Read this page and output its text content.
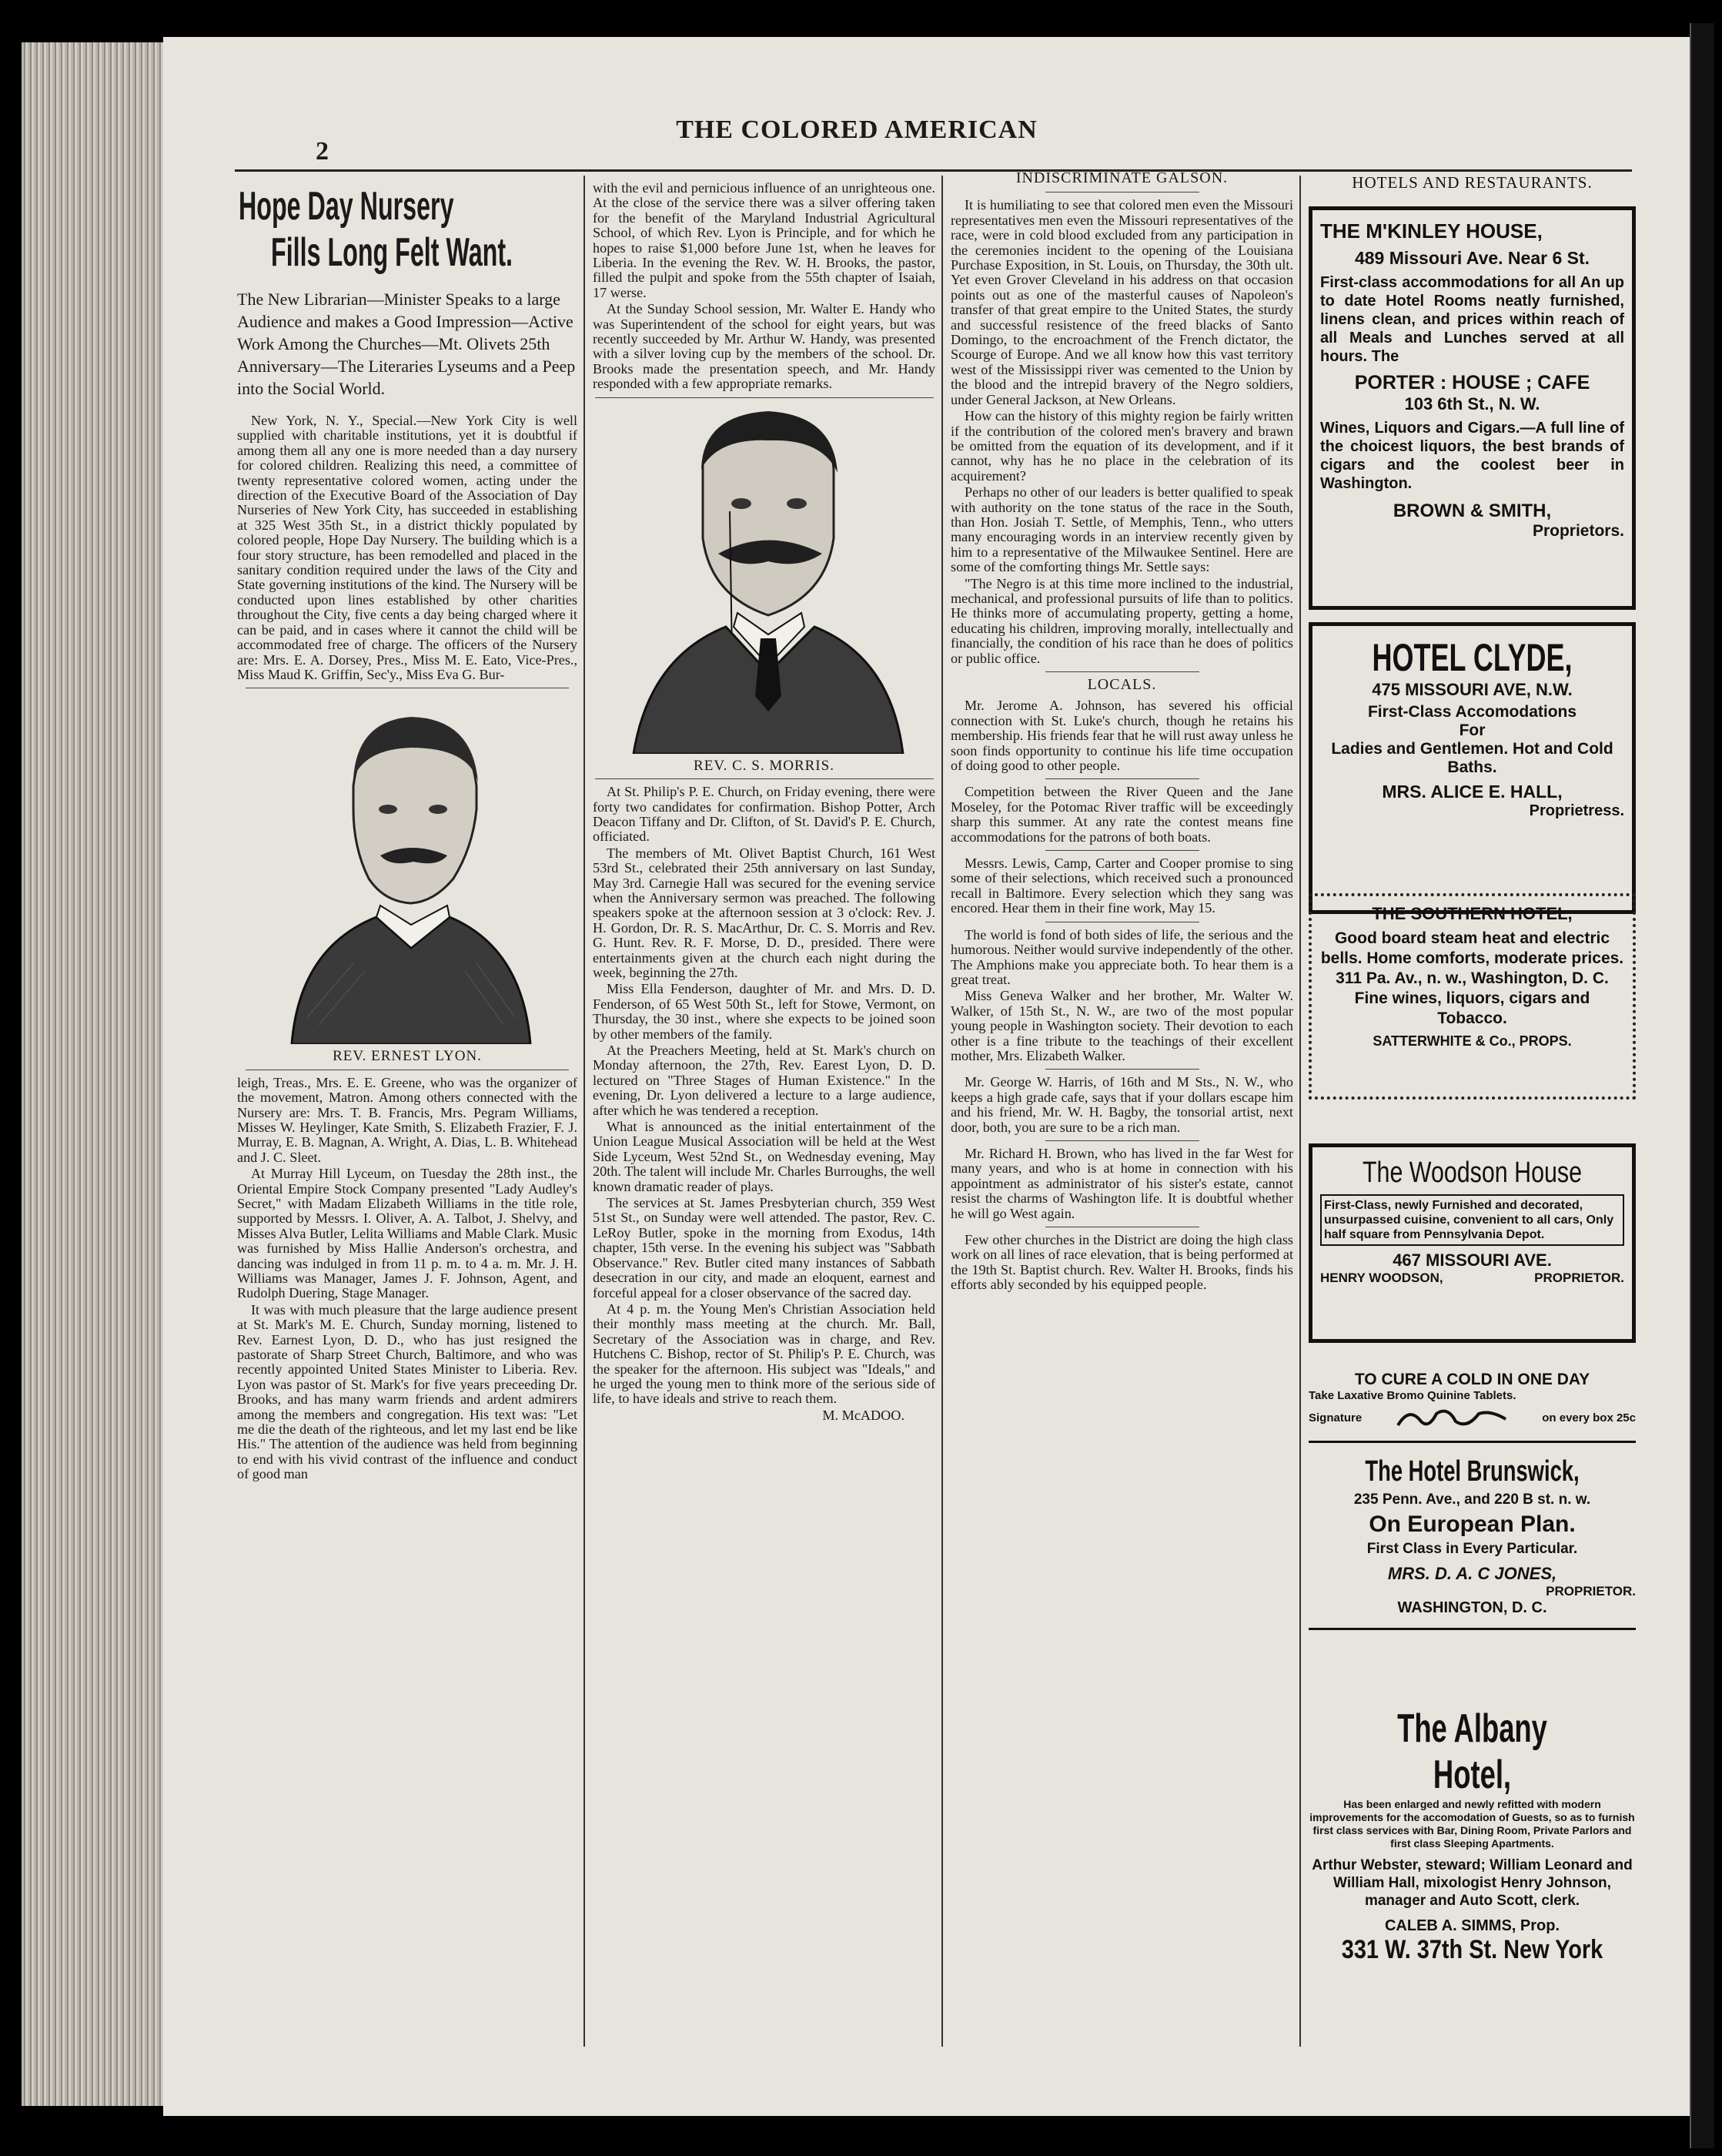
2
THE COLORED AMERICAN
Hope Day Nursery
Fills Long Felt Want.
The New Librarian—Minister Speaks to a large Audience and makes a Good Impression—Active Work Among the Churches—Mt. Olivets 25th Anniversary—The Literaries Lyseums and a Peep into the Social World.

New York, N. Y., Special.—New York City is well supplied with charitable institutions, yet it is doubtful if among them all any one is more needed than a day nursery for colored children. Realizing this need, a committee of twenty representative colored women, acting under the direction of the Executive Board of the Association of Day Nurseries of New York City, has succeeded in establishing at 325 West 35th St., in a district thickly populated by colored people, Hope Day Nursery. The building which is a four story structure, has been remodelled and placed in the sanitary condition required under the laws of the City and State governing institutions of the kind. The Nursery will be conducted upon lines established by other charities throughout the City, five cents a day being charged where it can be paid, and in cases where it cannot the child will be accommodated free of charge. The officers of the Nursery are: Mrs. E. A. Dorsey, Pres., Miss M. E. Eato, Vice-Pres., Miss Maud K. Griffin, Sec'y., Miss Eva G. Bur-

REV. ERNEST LYON.

leigh, Treas., Mrs. E. E. Greene, who was the organizer of the movement, Matron. Among others connected with the Nursery are: Mrs. T. B. Francis, Mrs. Pegram Williams, Misses W. Heylinger, Kate Smith, S. Elizabeth Frazier, F. J. Murray, E. B. Magnan, A. Wright, A. Dias, L. B. Whitehead and J. C. Sleet.

At Murray Hill Lyceum, on Tuesday the 28th inst., the Oriental Empire Stock Company presented "Lady Audley's Secret," with Madam Elizabeth Williams in the title role, supported by Messrs. I. Oliver, A. A. Talbot, J. Shelvy, and Misses Alva Butler, Lelita Williams and Mable Clark. Music was furnished by Miss Hallie Anderson's orchestra, and dancing was indulged in from 11 p. m. to 4 a. m. Mr. J. H. Williams was Manager, James J. F. Johnson, Agent, and Rudolph Duering, Stage Manager.

It was with much pleasure that the large audience present at St. Mark's M. E. Church, Sunday morning, listened to Rev. Earnest Lyon, D. D., who has just resigned the pastorate of Sharp Street Church, Baltimore, and who was recently appointed United States Minister to Liberia. Rev. Lyon was pastor of St. Mark's for five years preceeding Dr. Brooks, and has many warm friends and ardent admirers among the members and congregation. His text was: "Let me die the death of the righteous, and let my last end be like His." The attention of the audience was held from beginning to end with his vivid contrast of the influence and conduct of good man

with the evil and pernicious influence of an unrighteous one. At the close of the service there was a silver offering taken for the benefit of the Maryland Industrial Agricultural School, of which Rev. Lyon is Principle, and for which he hopes to raise $1,000 before June 1st, when he leaves for Liberia. In the evening the Rev. W. H. Brooks, the pastor, filled the pulpit and spoke from the 55th chapter of Isaiah, 17 werse.

At the Sunday School session, Mr. Walter E. Handy who was Superintendent of the school for eight years, but was recently succeeded by Mr. Arthur W. Handy, was presented with a silver loving cup by the members of the school. Dr. Brooks made the presentation speech, and Mr. Handy responded with a few appropriate remarks.

REV. C. S. MORRIS.

At St. Philip's P. E. Church, on Friday evening, there were forty two candidates for confirmation. Bishop Potter, Arch Deacon Tiffany and Dr. Clifton, of St. David's P. E. Church, officiated.

The members of Mt. Olivet Baptist Church, 161 West 53rd St., celebrated their 25th anniversary on last Sunday, May 3rd. Carnegie Hall was secured for the evening service when the Anniversary sermon was preached. The following speakers spoke at the afternoon session at 3 o'clock: Rev. J. H. Gordon, Dr. R. S. MacArthur, Dr. C. S. Morris and Rev. G. Hunt. Rev. R. F. Morse, D. D., presided. There were entertainments given at the church each night during the week, beginning the 27th.

Miss Ella Fenderson, daughter of Mr. and Mrs. D. D. Fenderson, of 65 West 50th St., left for Stowe, Vermont, on Thursday, the 30 inst., where she expects to be joined soon by other members of the family.

At the Preachers Meeting, held at St. Mark's church on Monday afternoon, the 27th, Rev. Earest Lyon, D. D. lectured on "Three Stages of Human Existence." In the evening, Dr. Lyon delivered a lecture to a large audience, after which he was tendered a reception.

What is announced as the initial entertainment of the Union League Musical Association will be held at the West Side Lyceum, West 52nd St., on Wednesday evening, May 20th. The talent will include Mr. Charles Burroughs, the well known dramatic reader of plays.

The services at St. James Presbyterian church, 359 West 51st St., on Sunday were well attended. The pastor, Rev. C. LeRoy Butler, spoke in the morning from Exodus, 14th chapter, 15th verse. In the evening his subject was "Sabbath Observance." Rev. Butler cited many instances of Sabbath desecration in our city, and made an eloquent, earnest and forceful appeal for a closer observance of the sacred day.

At 4 p. m. the Young Men's Christian Association held their monthly mass meeting at the church. Mr. Ball, Secretary of the Association was in charge, and Rev. Hutchens C. Bishop, rector of St. Philip's P. E. Church, was the speaker for the afternoon. His subject was "Ideals," and he urged the young men to think more of the serious side of life, to have ideals and strive to reach them.

M. McADOO.
INDISCRIMINATE GALSON.

It is humiliating to see that colored men even the Missouri representatives men even the Missouri representatives of the race, were in cold blood excluded from any participation in the ceremonies incident to the opening of the Louisiana Purchase Exposition, in St. Louis, on Thursday, the 30th ult. Yet even Grover Cleveland in his address on that occasion points out as one of the masterful causes of Napoleon's transfer of that great empire to the United States, the sturdy and successful resistence of the freed blacks of Santo Domingo, to the encroachment of the French dictator, the Scourge of Europe. And we all know how this vast territory west of the Mississippi river was cemented to the Union by the blood and the intrepid bravery of the Negro soldiers, under General Jackson, at New Orleans.

How can the history of this mighty region be fairly written if the contribution of the colored men's bravery and brawn be omitted from the equation of its development, and if it cannot, why has he no place in the celebration of its acquirement?

Perhaps no other of our leaders is better qualified to speak with authority on the tone status of the race in the South, than Hon. Josiah T. Settle, of Memphis, Tenn., who utters many encouraging words in an interview recently given by him to a representative of the Milwaukee Sentinel. Here are some of the comforting things Mr. Settle says:

"The Negro is at this time more inclined to the industrial, mechanical, and professional pursuits of life than to politics. He thinks more of accumulating property, getting a home, educating his children, improving morally, intellectually and financially, the condition of his race than he does of politics or public office.

LOCALS.

Mr. Jerome A. Johnson, has severed his official connection with St. Luke's church, though he retains his membership. His friends fear that he will rust away unless he soon finds opportunity to continue his life time occupation of doing good to other people.

Competition between the River Queen and the Jane Moseley, for the Potomac River traffic will be exceedingly sharp this summer. At any rate the contest means fine accommodations for the patrons of both boats.

Messrs. Lewis, Camp, Carter and Cooper promise to sing some of their selections, which received such a pronounced recall in Baltimore. Every selection which they sang was encored. Hear them in their fine work, May 15.

The world is fond of both sides of life, the serious and the humorous. Neither would survive independently of the other. The Amphions make you appreciate both. To hear them is a great treat.

Miss Geneva Walker and her brother, Mr. Walter W. Walker, of 15th St., N. W., are two of the most popular young people in Washington society. Their devotion to each other is a fine tribute to the teachings of their excellent mother, Mrs. Elizabeth Walker.

Mr. George W. Harris, of 16th and M Sts., N. W., who keeps a high grade cafe, says that if your dollars escape him and his friend, Mr. W. H. Bagby, the tonsorial artist, next door, both, you are sure to be a rich man.

Mr. Richard H. Brown, who has lived in the far West for many years, and who is at home in connection with his appointment as administrator of his sister's estate, cannot resist the charms of Washington life. It is doubtful whether he will go West again.

Few other churches in the District are doing the high class work on all lines of race elevation, that is being performed at the 19th St. Baptist church. Rev. Walter H. Brooks, finds his efforts ably seconded by his equipped people.

HOTELS AND RESTAURANTS.
THE M'KINLEY HOUSE,
489 Missouri Ave. Near 6 St.
First-class accommodations for all An up to date Hotel Rooms neatly furnished, linens clean, and prices within reach of all Meals and Lunches served at all hours. The
PORTER : HOUSE ; CAFE
103 6th St., N. W.
Wines, Liquors and Cigars.—A full line of the choicest liquors, the best brands of cigars and the coolest beer in Washington.
BROWN & SMITH,
Proprietors.
HOTEL CLYDE,
475 MISSOURI AVE, N.W.
First-Class Accomodations
For
Ladies and Gentlemen. Hot and Cold Baths.
MRS. ALICE E. HALL,
Proprietress.
THE SOUTHERN HOTEL,
Good board steam heat and electric bells. Home comforts, moderate prices. 311 Pa. Av., n. w., Washington, D. C. Fine wines, liquors, cigars and Tobacco.
SATTERWHITE & Co., PROPS.
The Woodson House
First-Class, newly Furnished and decorated, unsurpassed cuisine, convenient to all cars, Only half square from Pennsylvania Depot.
467 MISSOURI AVE.
HENRY WOODSON,	PROPRIETOR.
TO CURE A COLD IN ONE DAY
Take Laxative Bromo Quinine Tablets.
Signature	on every box 25c
The Hotel Brunswick,
235 Penn. Ave., and 220 B st. n. w.
On European Plan.
First Class in Every Particular.
MRS. D. A. C JONES,
PROPRIETOR.
WASHINGTON, D. C.
The Albany Hotel,
Has been enlarged and newly refitted with modern improvements for the accomodation of Guests, so as to furnish first class services with Bar, Dining Room, Private Parlors and first class Sleeping Apartments.
Arthur Webster, steward; William Leonard and William Hall, mixologist Henry Johnson, manager and Auto Scott, clerk.
CALEB A. SIMMS, Prop.
331 W. 37th St. New York
